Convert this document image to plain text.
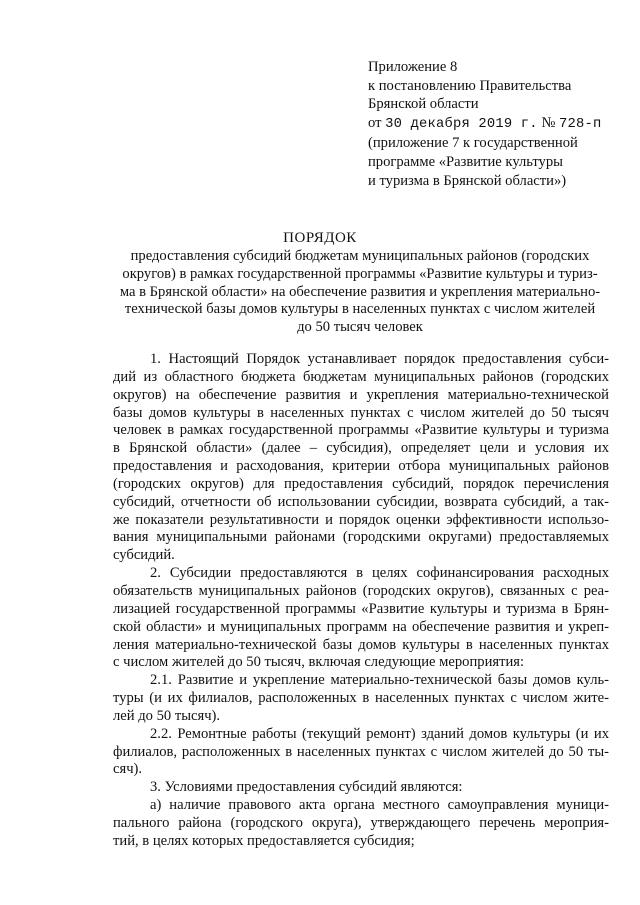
Приложение 8
к постановлению Правительства
Брянской области
от 30 декабря 2019 г. № 728-п
(приложение 7 к государственной
программе «Развитие культуры
и туризма в Брянской области»)
ПОРЯДОК
предоставления субсидий бюджетам муниципальных районов (городских
округов) в рамках государственной программы «Развитие культуры и туриз-
ма в Брянской области» на обеспечение развития и укрепления материально-
технической базы домов культуры в населенных пунктах с числом жителей
до 50 тысяч человек
1. Настоящий Порядок устанавливает порядок предоставления субси-
дий из областного бюджета бюджетам муниципальных районов (городских
округов) на обеспечение развития и укрепления материально-технической
базы домов культуры в населенных пунктах с числом жителей до 50 тысяч
человек в рамках государственной программы «Развитие культуры и туризма
в Брянской области» (далее – субсидия), определяет цели и условия их
предоставления и расходования, критерии отбора муниципальных районов
(городских округов) для предоставления субсидий, порядок перечисления
субсидий, отчетности об использовании субсидии, возврата субсидий, а так-
же показатели результативности и порядок оценки эффективности использо-
вания муниципальными районами (городскими округами) предоставляемых
субсидий.
2. Субсидии предоставляются в целях софинансирования расходных
обязательств муниципальных районов (городских округов), связанных с реа-
лизацией государственной программы «Развитие культуры и туризма в Брян-
ской области» и муниципальных программ на обеспечение развития и укреп-
ления материально-технической базы домов культуры в населенных пунктах
с числом жителей до 50 тысяч, включая следующие мероприятия:
2.1. Развитие и укрепление материально-технической базы домов куль-
туры (и их филиалов, расположенных в населенных пунктах с числом жите-
лей до 50 тысяч).
2.2. Ремонтные работы (текущий ремонт) зданий домов культуры (и их
филиалов, расположенных в населенных пунктах с числом жителей до 50 ты-
сяч).
3. Условиями предоставления субсидий являются:
а) наличие правового акта органа местного самоуправления муници-
пального района (городского округа), утверждающего перечень мероприя-
тий, в целях которых предоставляется субсидия;
